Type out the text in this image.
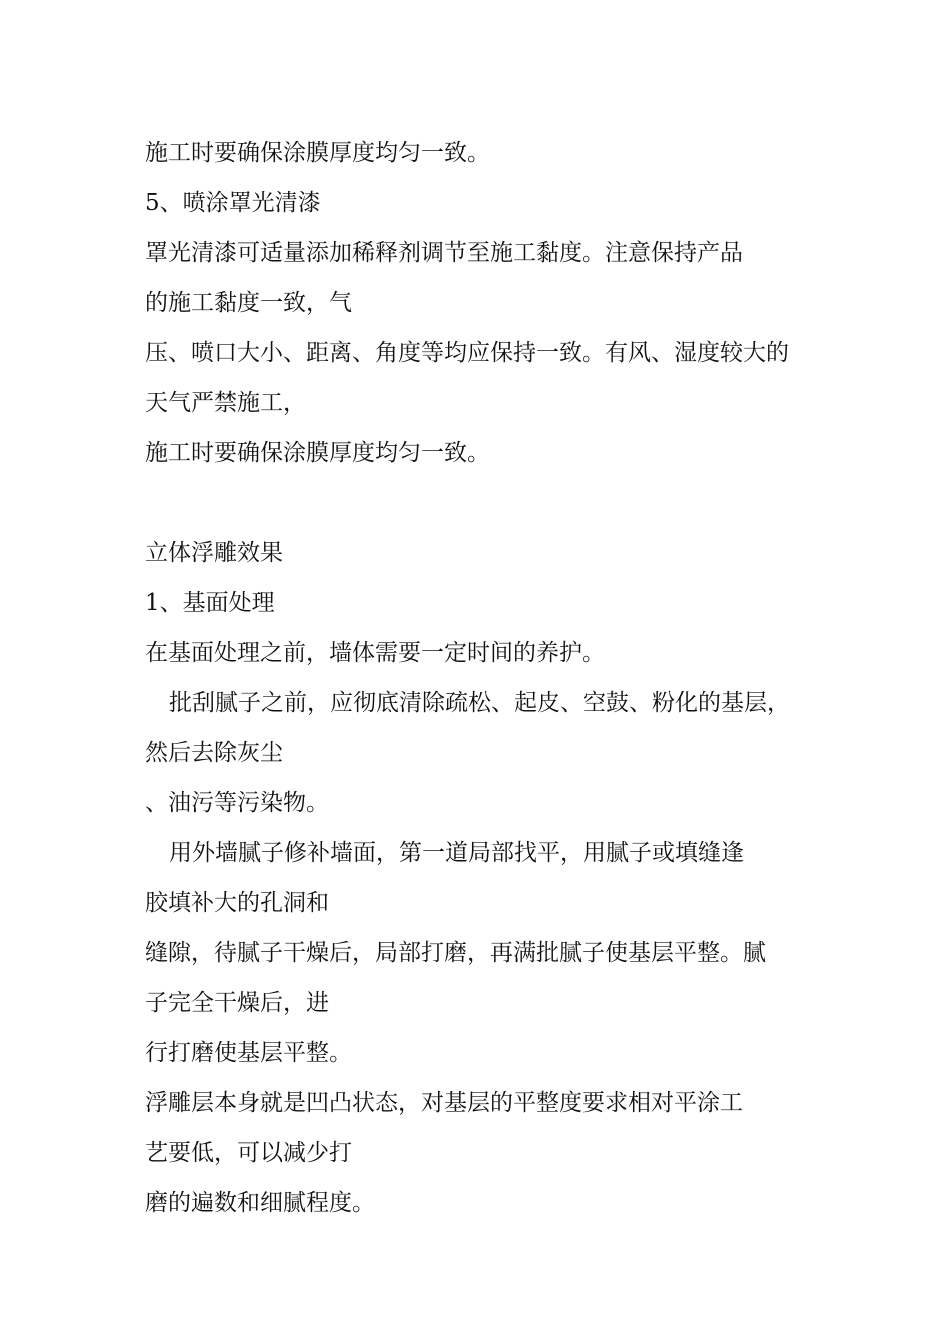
施工时要确保涂膜厚度均匀一致。
5、喷涂罩光清漆
罩光清漆可适量添加稀释剂调节至施工黏度。注意保持产品
的施工黏度一致，气
压、喷口大小、距离、角度等均应保持一致。有风、湿度较大的
天气严禁施工，
施工时要确保涂膜厚度均匀一致。
立体浮雕效果
1、基面处理
在基面处理之前，墙体需要一定时间的养护。
批刮腻子之前，应彻底清除疏松、起皮、空鼓、粉化的基层，
然后去除灰尘
、油污等污染物。
用外墙腻子修补墙面，第一道局部找平，用腻子或填缝逢
胶填补大的孔洞和
缝隙，待腻子干燥后，局部打磨，再满批腻子使基层平整。腻
子完全干燥后，进
行打磨使基层平整。
浮雕层本身就是凹凸状态，对基层的平整度要求相对平涂工
艺要低，可以减少打
磨的遍数和细腻程度。
